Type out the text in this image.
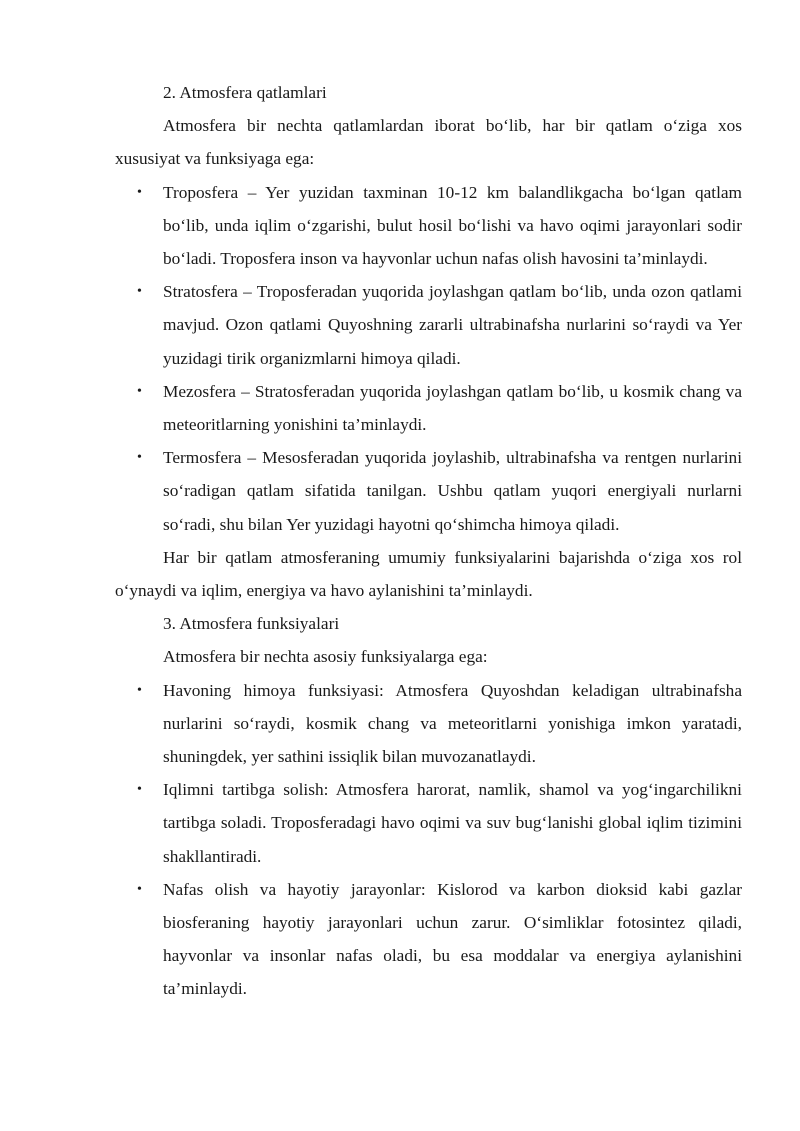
2. Atmosfera qatlamlari

Atmosfera bir nechta qatlamlardan iborat bo‘lib, har bir qatlam o‘ziga xos xususiyat va funksiyaga ega:

• Troposfera – Yer yuzidan taxminan 10-12 km balandlikgacha bo‘lgan qatlam bo‘lib, unda iqlim o‘zgarishi, bulut hosil bo‘lishi va havo oqimi jarayonlari sodir bo‘ladi. Troposfera inson va hayvonlar uchun nafas olish havosini ta’minlaydi.
• Stratosfera – Troposferadan yuqorida joylashgan qatlam bo‘lib, unda ozon qatlami mavjud. Ozon qatlami Quyoshning zararli ultrabinafsha nurlarini so‘raydi va Yer yuzidagi tirik organizmlarni himoya qiladi.
• Mezosfera – Stratosferadan yuqorida joylashgan qatlam bo‘lib, u kosmik chang va meteoritlarning yonishini ta’minlaydi.
• Termosfera – Mesosferadan yuqorida joylashib, ultrabinafsha va rentgen nurlarini so‘radigan qatlam sifatida tanilgan. Ushbu qatlam yuqori energiyali nurlarni so‘radi, shu bilan Yer yuzidagi hayotni qo‘shimcha himoya qiladi.

Har bir qatlam atmosferaning umumiy funksiyalarini bajarishda o‘ziga xos rol o‘ynaydi va iqlim, energiya va havo aylanishini ta’minlaydi.

3. Atmosfera funksiyalari

Atmosfera bir nechta asosiy funksiyalarga ega:

• Havoning himoya funksiyasi: Atmosfera Quyoshdan keladigan ultrabinafsha nurlarini so‘raydi, kosmik chang va meteoritlarni yonishiga imkon yaratadi, shuningdek, yer sathini issiqlik bilan muvozanatlaydi.
• Iqlimni tartibga solish: Atmosfera harorat, namlik, shamol va yog‘ingarchilikni tartibga soladi. Troposferadagi havo oqimi va suv bug‘lanishi global iqlim tizimini shakllantiradi.
• Nafas olish va hayotiy jarayonlar: Kislorod va karbon dioksid kabi gazlar biosferaning hayotiy jarayonlari uchun zarur. O‘simliklar fotosintez qiladi, hayvonlar va insonlar nafas oladi, bu esa moddalar va energiya aylanishini ta’minlaydi.
